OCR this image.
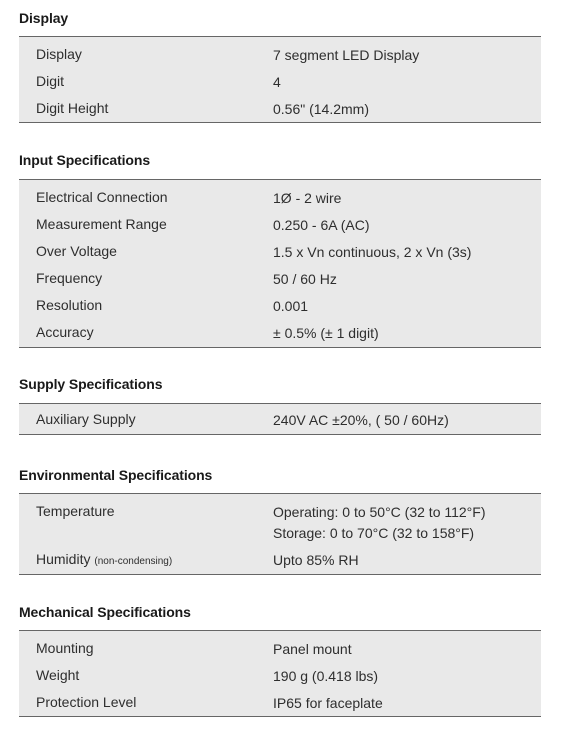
Display
Display	7 segment LED Display
Digit	4
Digit Height	0.56" (14.2mm)
Input Specifications
Electrical Connection	1Ø - 2 wire
Measurement Range	0.250 - 6A (AC)
Over Voltage	1.5 x Vn continuous, 2 x Vn (3s)
Frequency	50 / 60 Hz
Resolution	0.001
Accuracy	± 0.5% (± 1 digit)
Supply Specifications
Auxiliary Supply	240V AC ±20%, ( 50 / 60Hz)
Environmental Specifications
Temperature	Operating: 0 to 50°C (32 to 112°F)
Storage: 0 to 70°C (32 to 158°F)
Humidity (non-condensing)	Upto 85% RH
Mechanical Specifications
Mounting	Panel mount
Weight	190 g (0.418 lbs)
Protection Level	IP65 for faceplate
